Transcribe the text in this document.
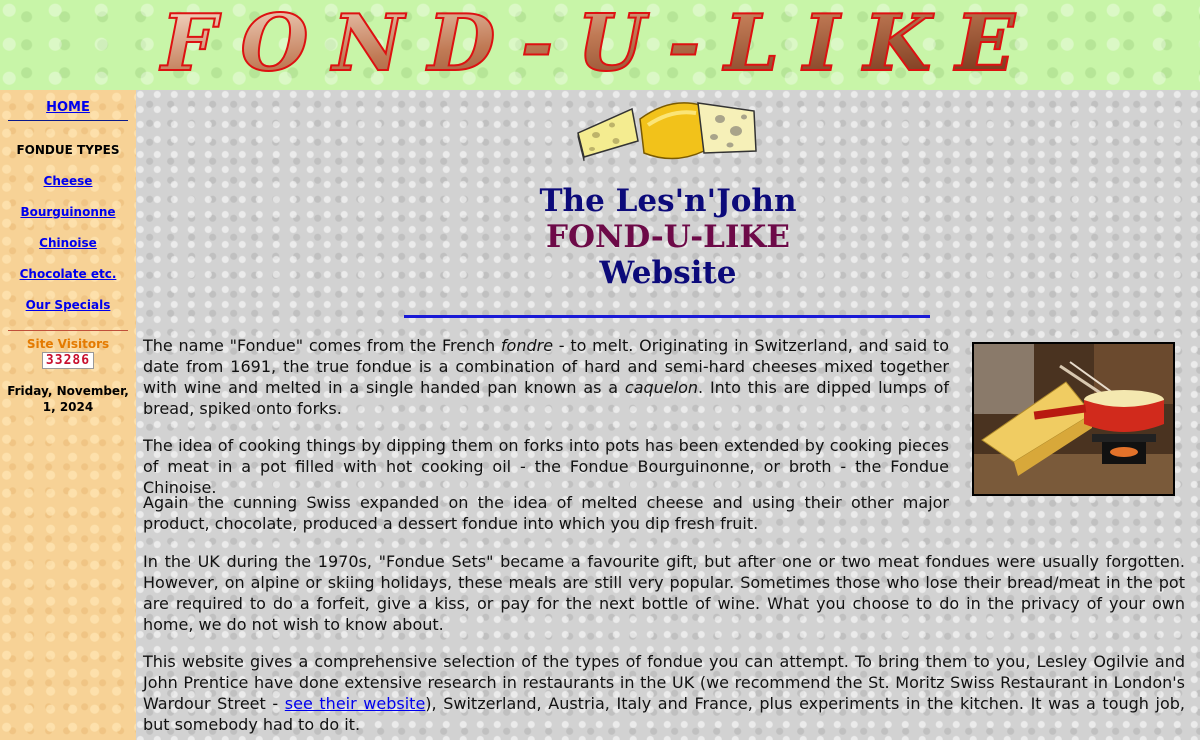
FOND-U-LIKE
HOME
FONDUE TYPES
Cheese
Bourguinonne
Chinoise
Chocolate etc.
Our Specials
Site Visitors
33286
Friday, November, 1, 2024
The Les'n'John
FOND-U-LIKE
Website

The name "Fondue" comes from the French fondre - to melt. Originating in Switzerland, and said to date from 1691, the true fondue is a combination of hard and semi-hard cheeses mixed together with wine and melted in a single handed pan known as a caquelon. Into this are dipped lumps of bread, spiked onto forks.

The idea of cooking things by dipping them on forks into pots has been extended by cooking pieces of meat in a pot filled with hot cooking oil - the Fondue Bourguinonne, or broth - the Fondue Chinoise.

Again the cunning Swiss expanded on the idea of melted cheese and using their other major product, chocolate, produced a dessert fondue into which you dip fresh fruit.

In the UK during the 1970s, "Fondue Sets" became a favourite gift, but after one or two meat fondues were usually forgotten. However, on alpine or skiing holidays, these meals are still very popular. Sometimes those who lose their bread/meat in the pot are required to do a forfeit, give a kiss, or pay for the next bottle of wine. What you choose to do in the privacy of your own home, we do not wish to know about.

This website gives a comprehensive selection of the types of fondue you can attempt. To bring them to you, Lesley Ogilvie and John Prentice have done extensive research in restaurants in the UK (we recommend the St. Moritz Swiss Restaurant in London's Wardour Street - see their website), Switzerland, Austria, Italy and France, plus experiments in the kitchen. It was a tough job, but somebody had to do it.
